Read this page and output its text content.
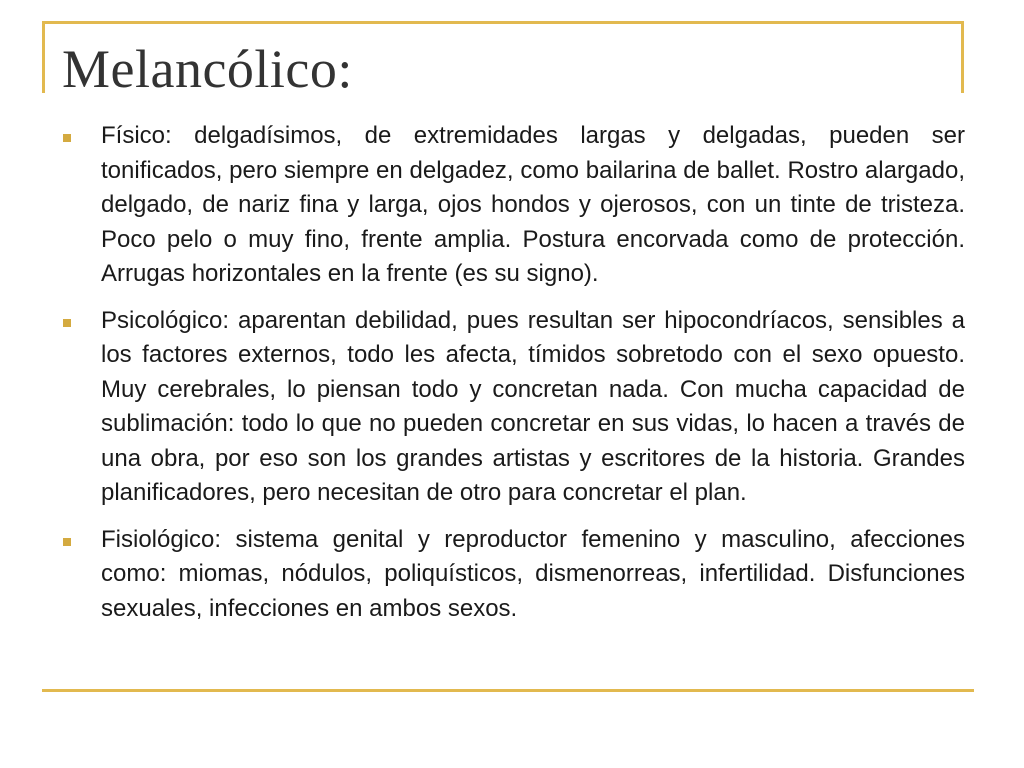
Melancólico:

Físico: delgadísimos, de extremidades largas y delgadas, pueden ser tonificados, pero siempre en delgadez, como bailarina de ballet. Rostro alargado, delgado, de nariz fina y larga, ojos hondos y ojerosos, con un tinte de tristeza. Poco pelo o muy fino, frente amplia. Postura encorvada como de protección. Arrugas horizontales en la frente (es su signo).

Psicológico: aparentan debilidad, pues resultan ser hipocondríacos, sensibles a los factores externos, todo les afecta, tímidos sobretodo con el sexo opuesto. Muy cerebrales, lo piensan todo y concretan nada. Con mucha capacidad de sublimación: todo lo que no pueden concretar en sus vidas, lo hacen a través de una obra, por eso son los grandes artistas y escritores de la historia. Grandes planificadores, pero necesitan de otro para concretar el plan.

Fisiológico: sistema genital y reproductor femenino y masculino, afecciones como: miomas, nódulos, poliquísticos, dismenorreas, infertilidad. Disfunciones sexuales, infecciones en ambos sexos.
